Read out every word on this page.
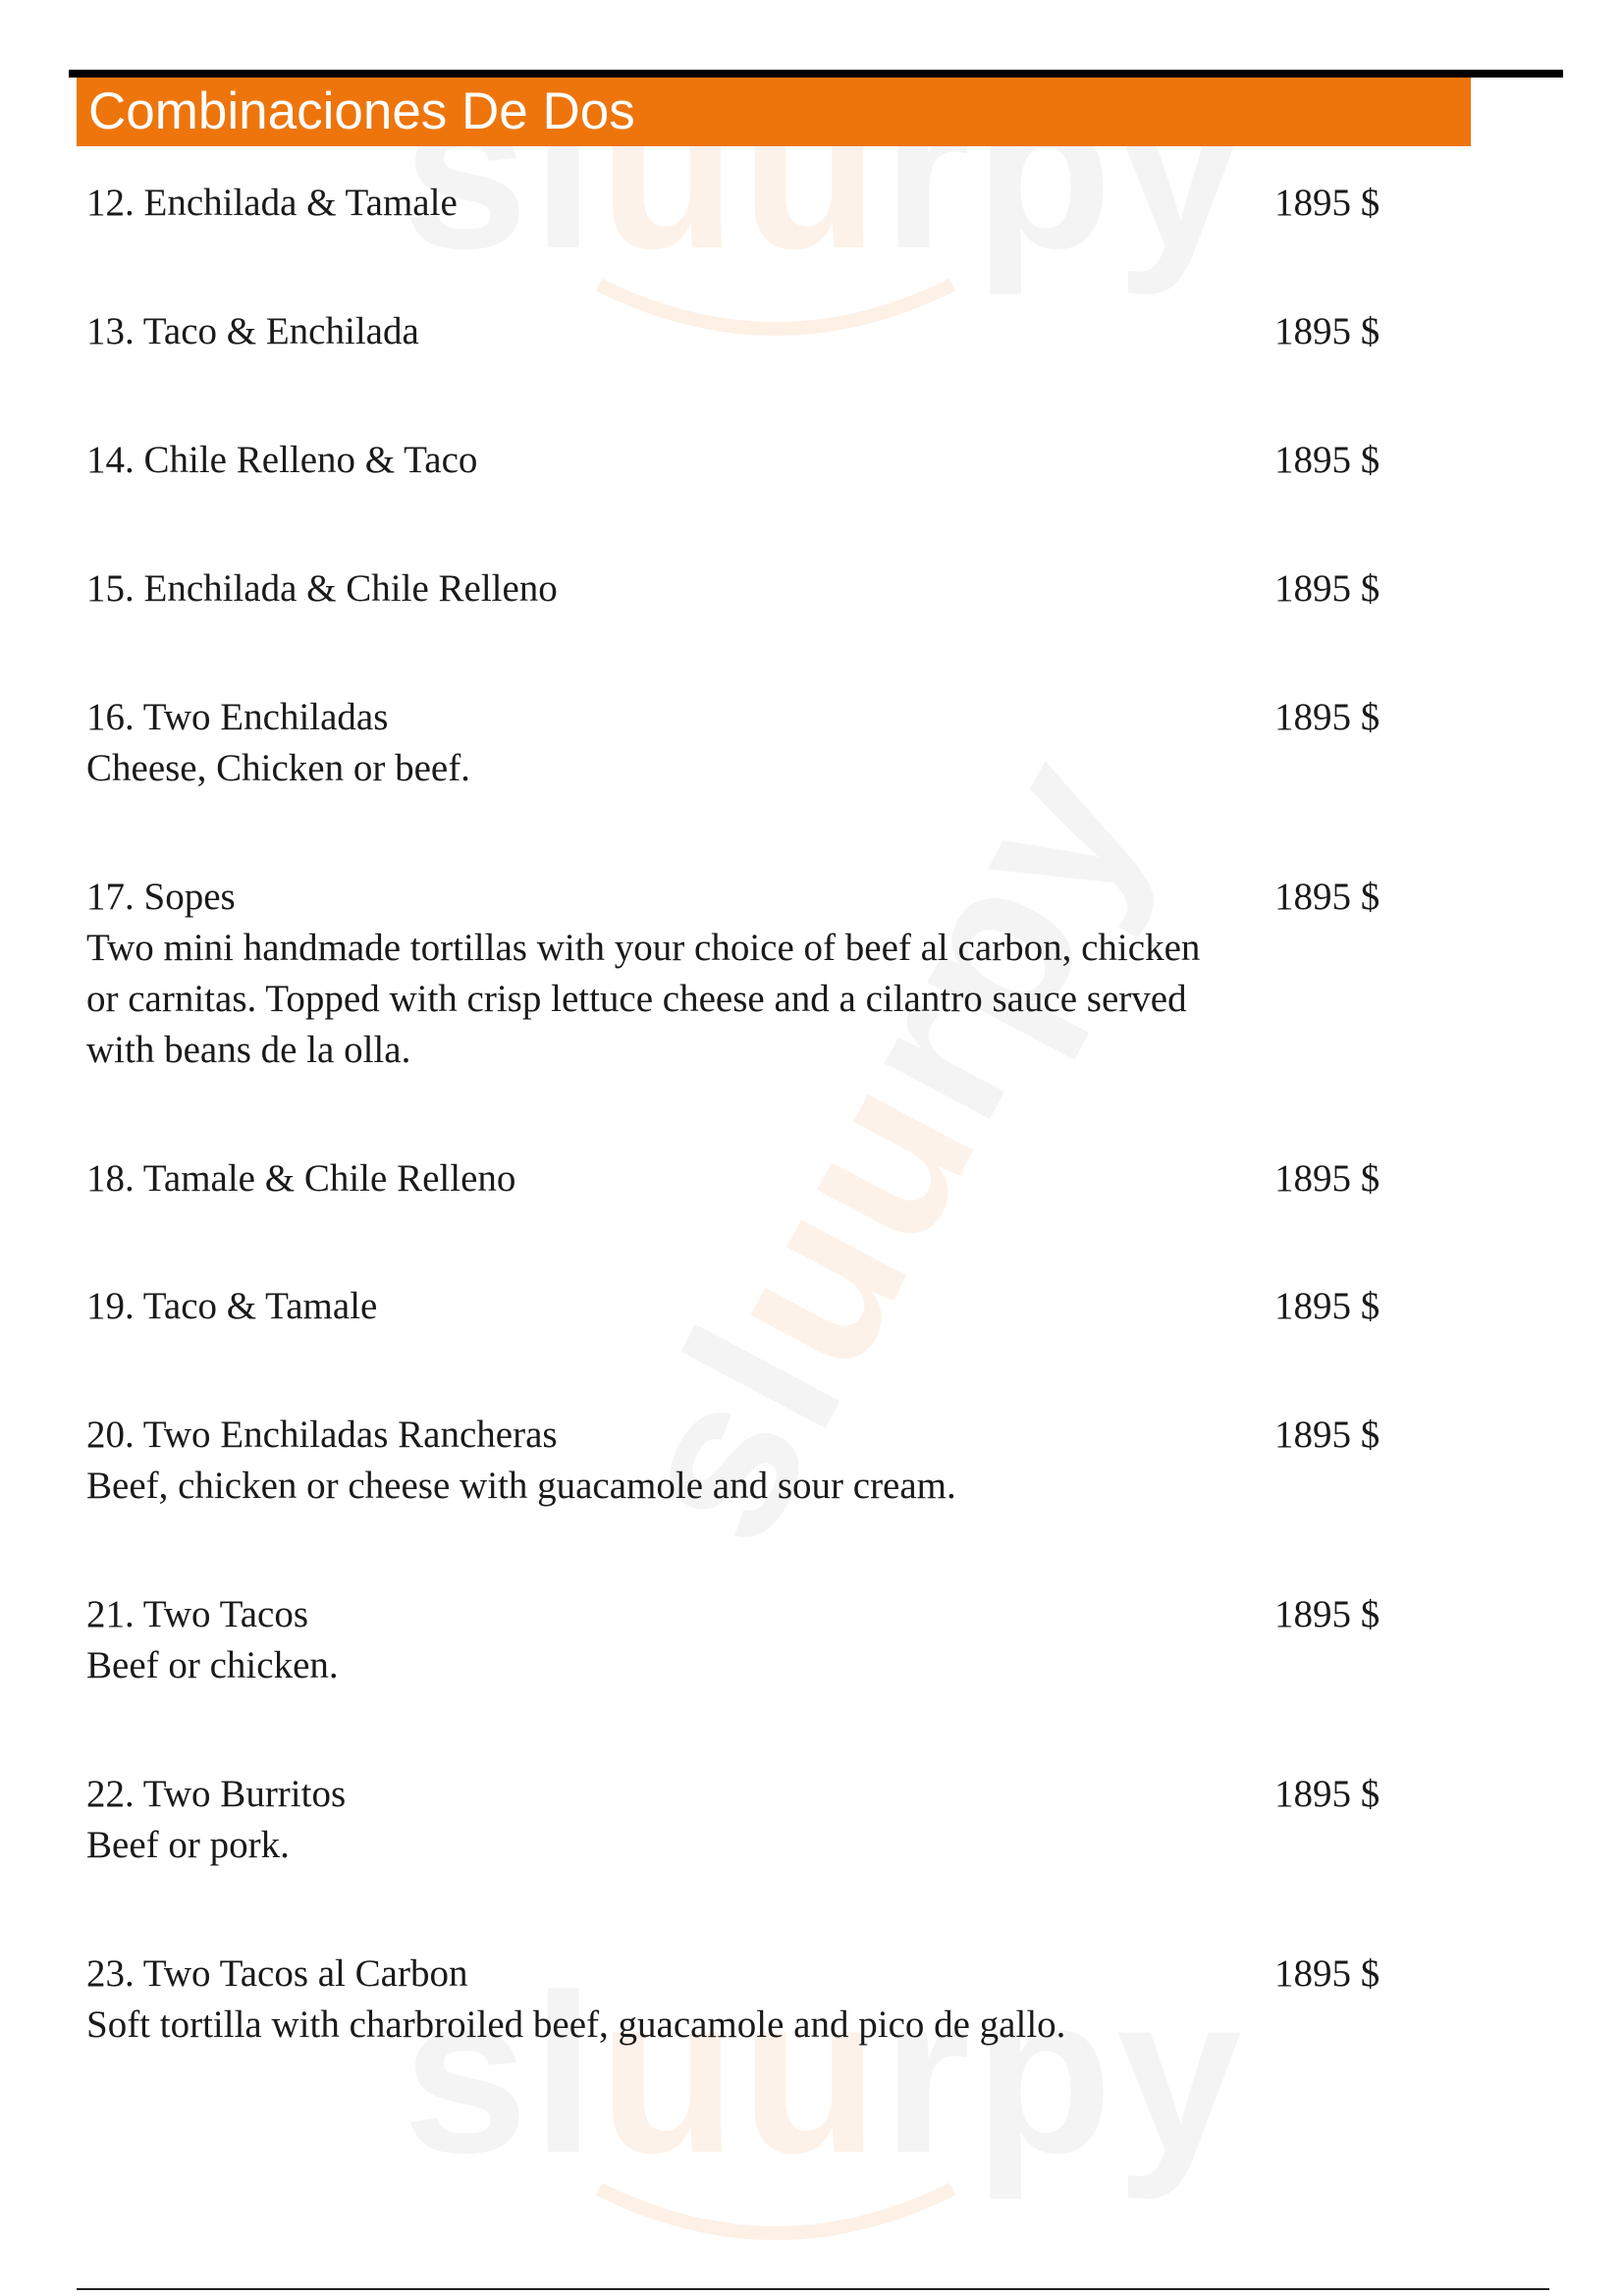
uu
uu
uu
Combinaciones De Dos
12. Enchilada & Tamale	1895 $
13. Taco & Enchilada	1895 $
14. Chile Relleno & Taco	1895 $
15. Enchilada & Chile Relleno	1895 $
16. Two Enchiladas	1895 $

Cheese, Chicken or beef.

17. Sopes	1895 $

Two mini handmade tortillas with your choice of beef al carbon, chicken or carnitas. Topped with crisp lettuce cheese and a cilantro sauce served with beans de la olla.

18. Tamale & Chile Relleno	1895 $
19. Taco & Tamale	1895 $
20. Two Enchiladas Rancheras	1895 $

Beef, chicken or cheese with guacamole and sour cream.

21. Two Tacos	1895 $

Beef or chicken.

22. Two Burritos	1895 $

Beef or pork.

23. Two Tacos al Carbon	1895 $

Soft tortilla with charbroiled beef, guacamole and pico de gallo.
